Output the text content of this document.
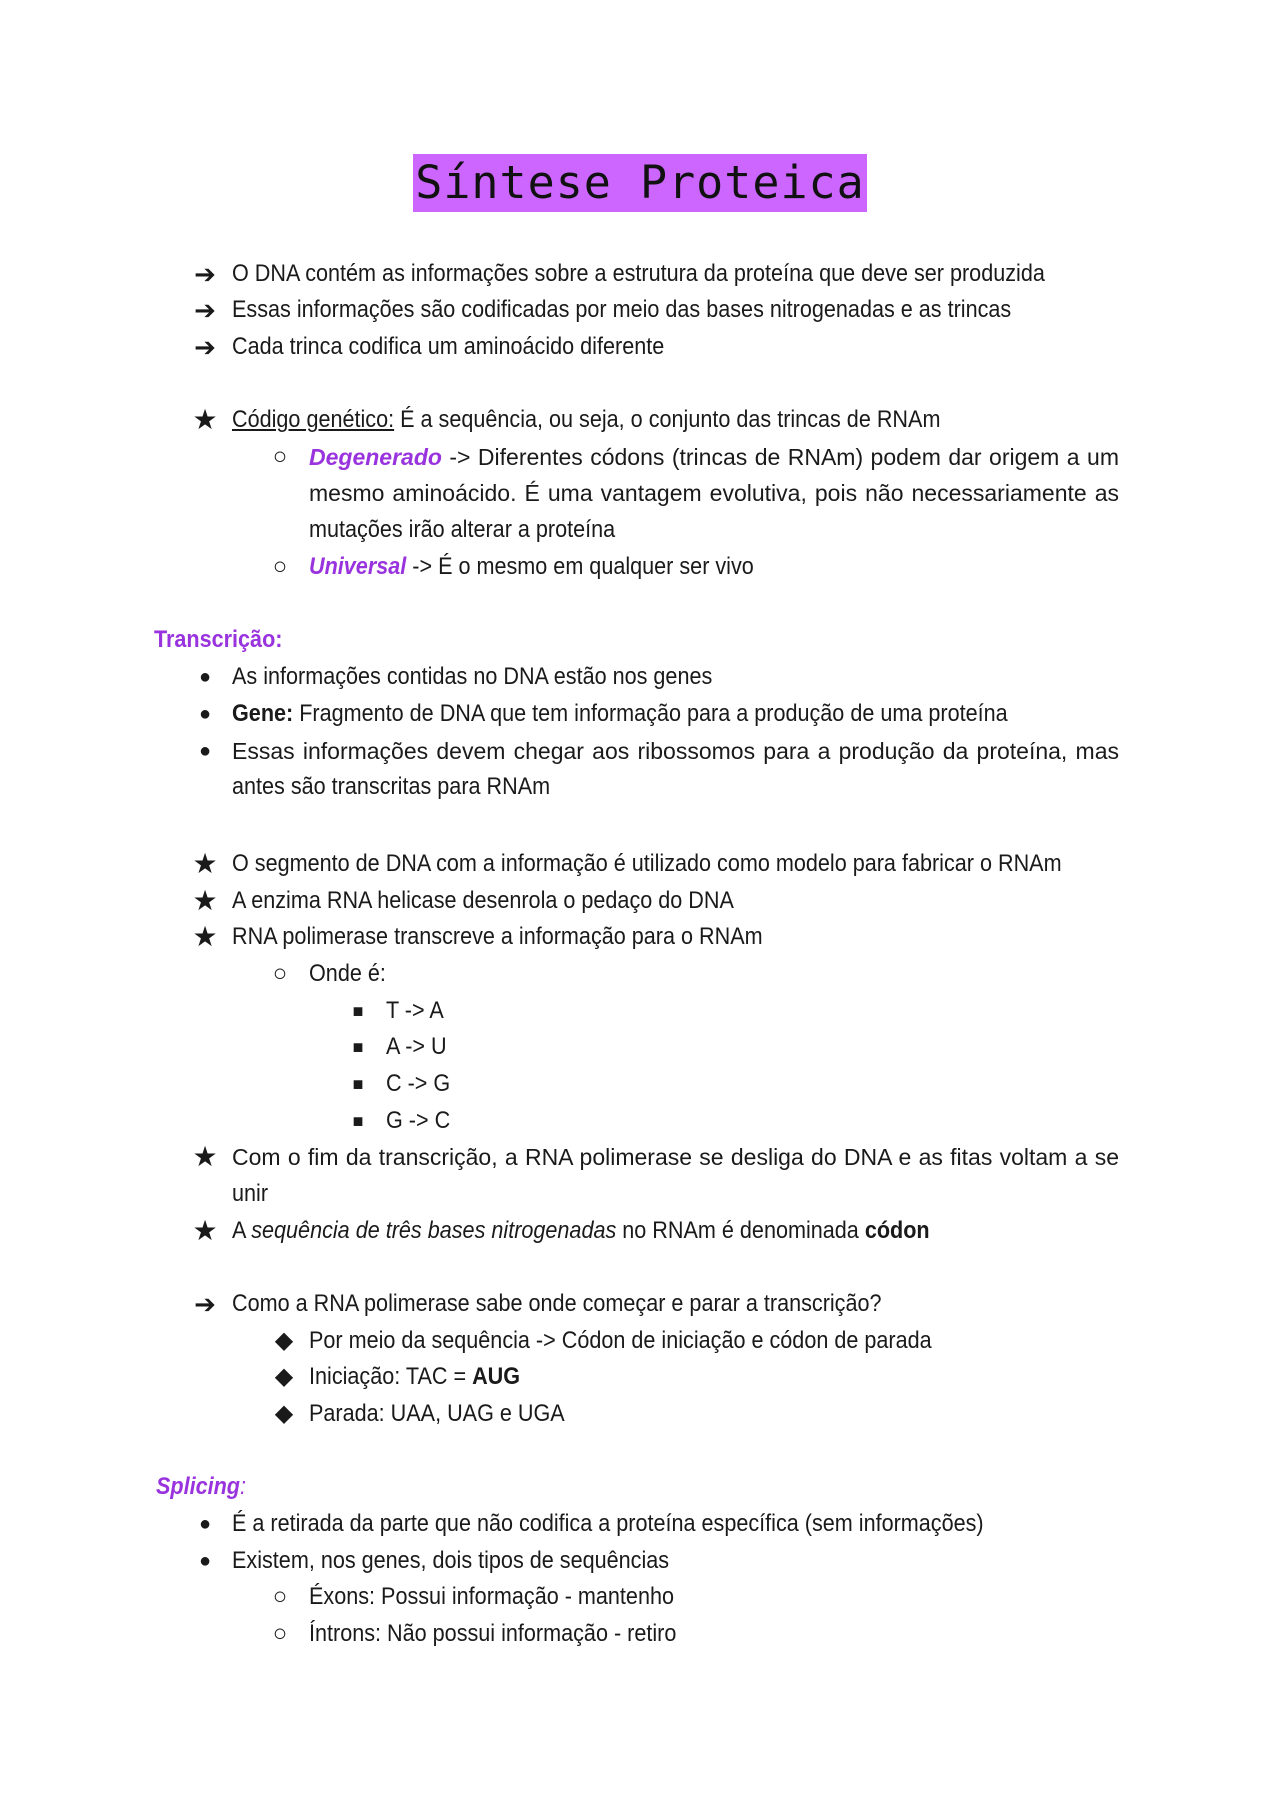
Síntese Proteica
➔ O DNA contém as informações sobre a estrutura da proteína que deve ser produzida
➔ Essas informações são codificadas por meio das bases nitrogenadas e as trincas
➔ Cada trinca codifica um aminoácido diferente
★ Código genético: É a sequência, ou seja, o conjunto das trincas de RNAm
○ Degenerado -> Diferentes códons (trincas de RNAm) podem dar origem a um
mesmo aminoácido. É uma vantagem evolutiva, pois não necessariamente as
mutações irão alterar a proteína
○ Universal -> É o mesmo em qualquer ser vivo
Transcrição:
● As informações contidas no DNA estão nos genes
● Gene: Fragmento de DNA que tem informação para a produção de uma proteína
● Essas informações devem chegar aos ribossomos para a produção da proteína, mas
antes são transcritas para RNAm
★ O segmento de DNA com a informação é utilizado como modelo para fabricar o RNAm
★ A enzima RNA helicase desenrola o pedaço do DNA
★ RNA polimerase transcreve a informação para o RNAm
○ Onde é:
■ T -> A
■ A -> U
■ C -> G
■ G -> C
★ Com o fim da transcrição, a RNA polimerase se desliga do DNA e as fitas voltam a se
unir
★ A sequência de três bases nitrogenadas no RNAm é denominada códon
➔ Como a RNA polimerase sabe onde começar e parar a transcrição?
◆ Por meio da sequência -> Códon de iniciação e códon de parada
◆ Iniciação: TAC = AUG
◆ Parada: UAA, UAG e UGA
Splicing:
● É a retirada da parte que não codifica a proteína específica (sem informações)
● Existem, nos genes, dois tipos de sequências
○ Éxons: Possui informação - mantenho
○ Íntrons: Não possui informação - retiro
